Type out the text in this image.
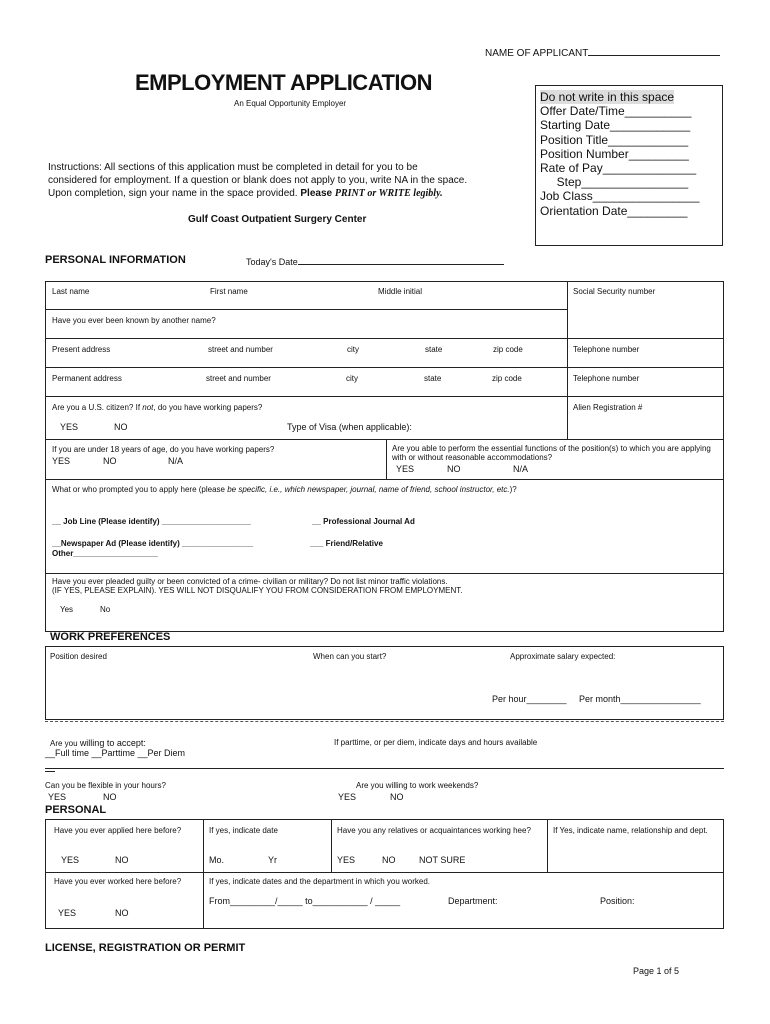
NAME OF APPLICANT
EMPLOYMENT APPLICATION
An Equal Opportunity Employer
Instructions: All sections of this application must be completed in detail for you to be
considered for employment. If a question or blank does not apply to you, write NA in the space.
Upon completion, sign your name in the space provided. Please PRINT or WRITE legibly.
Gulf Coast Outpatient Surgery Center
Do not write in this space
Offer Date/Time__________
Starting Date____________
Position Title____________
Position Number_________
Rate of Pay______________
Step________________
Job Class________________
Orientation Date_________
PERSONAL INFORMATION	Today's Date
Last name	First name	Middle initial	Social Security number
Have you ever been known by another name?
Present address	street and number	city	state	zip code	Telephone number
Permanent address	street and number	city	state	zip code	Telephone number
Are you a U.S. citizen? If not, do you have working papers?	Alien Registration #
YES	NO	Type of Visa (when applicable):
If you are under 18 years of age, do you have working papers?
YES	NO	N/A
Are you able to perform the essential functions of the position(s) to which you are applying with or without reasonable accommodations?
YES	NO	N/A
What or who prompted you to apply here (please be specific, i.e., which newspaper, journal, name of friend, school instructor, etc.)?
__ Job Line (Please identify) ____________________	__ Professional Journal Ad
__Newspaper Ad (Please identify) ________________	___ Friend/Relative
Other___________________
Have you ever pleaded guilty or been convicted of a crime- civilian or military? Do not list minor traffic violations.
(IF YES, PLEASE EXPLAIN). YES WILL NOT DISQUALIFY YOU FROM CONSIDERATION FROM EMPLOYMENT.
Yes	No
WORK PREFERENCES
Position desired	When can you start?	Approximate salary expected:
Per hour________ Per month________________
Are you willing to accept:
__Full time __Parttime __Per Diem
If parttime, or per diem, indicate days and hours available
Can you be flexible in your hours?	Are you willing to work weekends?
YES	NO	YES	NO
PERSONAL
Have you ever applied here before?	If yes, indicate date	Have you any relatives or acquaintances working hee?	If Yes, indicate name, relationship and dept.
YES	NO	Mo.	Yr	YES	NO	NOT SURE
Have you ever worked here before?	If yes, indicate dates and the department in which you worked.
From_________/_____ to___________ / _____	Department:	Position:
YES	NO
LICENSE, REGISTRATION OR PERMIT
Page 1 of 5
